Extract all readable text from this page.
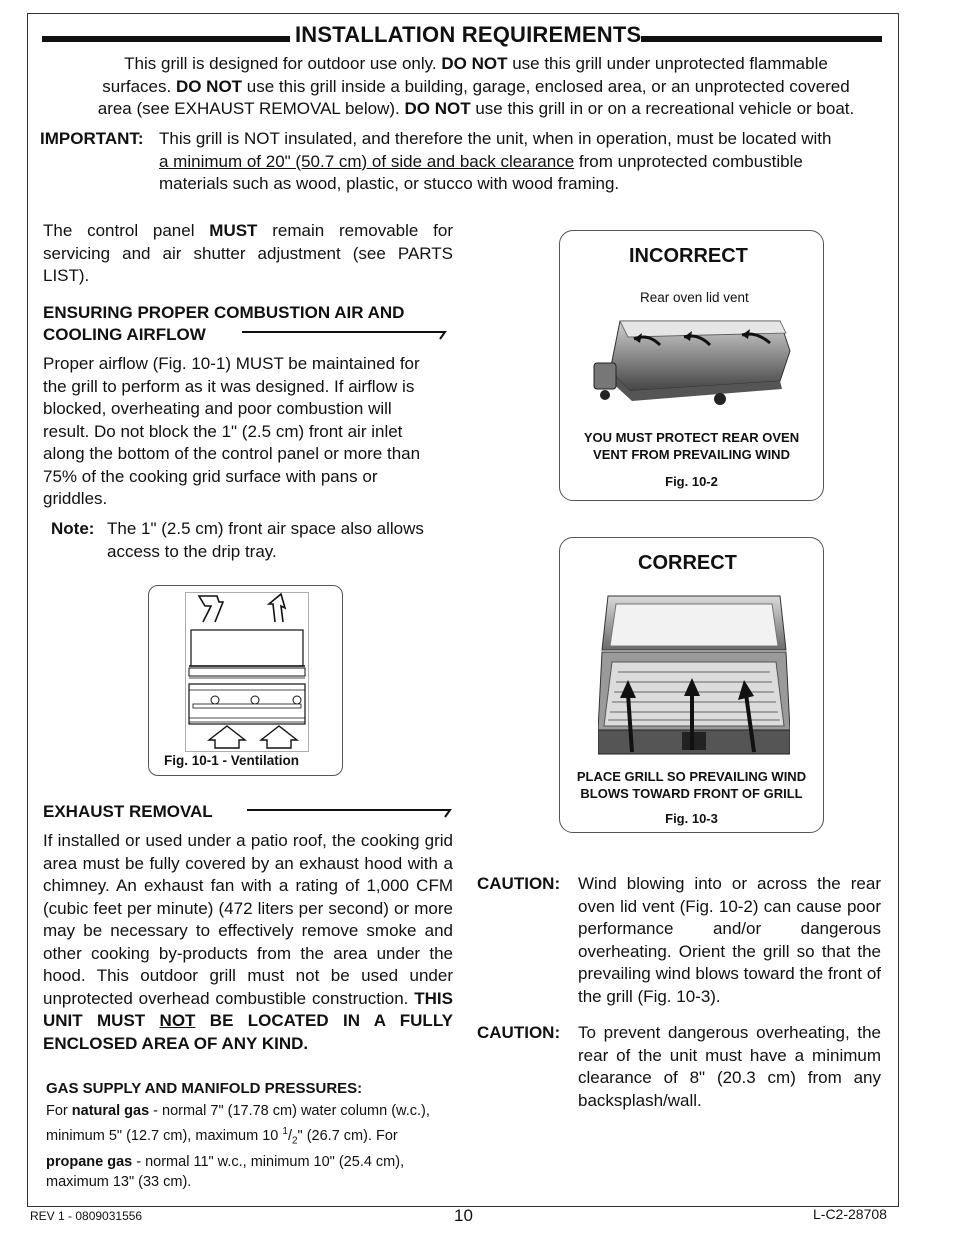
INSTALLATION REQUIREMENTS
This grill is designed for outdoor use only. DO NOT use this grill under unprotected flammable
surfaces. DO NOT use this grill inside a building, garage, enclosed area, or an unprotected covered
area (see EXHAUST REMOVAL below). DO NOT use this grill in or on a recreational vehicle or boat.
IMPORTANT: This grill is NOT insulated, and therefore the unit, when in operation, must be located with
a minimum of 20" (50.7 cm) of side and back clearance from unprotected combustible
materials such as wood, plastic, or stucco with wood framing.
The control panel MUST remain removable for servicing and air shutter adjustment (see PARTS LIST).
ENSURING PROPER COMBUSTION AIR AND
COOLING AIRFLOW
Proper airflow (Fig. 10-1) MUST be maintained for the grill to perform as it was designed. If airflow is blocked, overheating and poor combustion will result. Do not block the 1" (2.5 cm) front air inlet along the bottom of the control panel or more than 75% of the cooking grid surface with pans or griddles.
Note: The 1" (2.5 cm) front air space also allows
access to the drip tray.
Fig. 10-1 - Ventilation
EXHAUST REMOVAL
If installed or used under a patio roof, the cooking grid area must be fully covered by an exhaust hood with a chimney. An exhaust fan with a rating of 1,000 CFM (cubic feet per minute) (472 liters per second) or more may be necessary to effectively remove smoke and other cooking by-products from the area under the hood. This outdoor grill must not be used under unprotected overhead combustible construction. THIS UNIT MUST NOT BE LOCATED IN A FULLY ENCLOSED AREA OF ANY KIND.
GAS SUPPLY AND MANIFOLD PRESSURES:
For natural gas - normal 7" (17.78 cm) water column (w.c.), minimum 5" (12.7 cm), maximum 10 $^1/_2$" (26.7 cm). For propane gas - normal 11" w.c., minimum 10" (25.4 cm), maximum 13" (33 cm).
INCORRECT
Rear oven lid vent
YOU MUST PROTECT REAR OVEN
VENT FROM PREVAILING WIND
Fig. 10-2
CORRECT
PLACE GRILL SO PREVAILING WIND
BLOWS TOWARD FRONT OF GRILL
Fig. 10-3
CAUTION: Wind blowing into or across the rear oven lid vent (Fig. 10-2) can cause poor performance and/or dangerous overheating. Orient the grill so that the prevailing wind blows toward the front of the grill (Fig. 10-3).
CAUTION: To prevent dangerous overheating, the rear of the unit must have a minimum clearance of 8" (20.3 cm) from any backsplash/wall.
REV 1 - 0809031556	10	L-C2-28708
